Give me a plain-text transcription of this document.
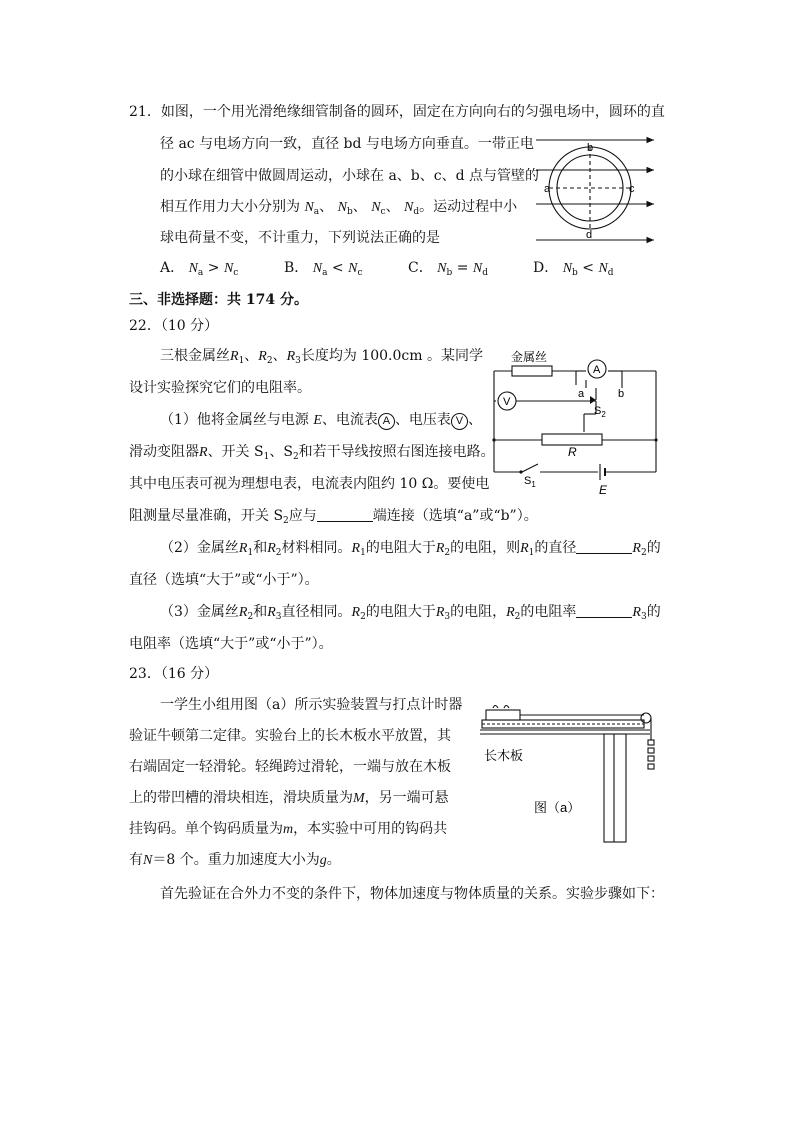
21．如图，一个用光滑绝缘细管制备的圆环，固定在方向向右的匀强电场中，圆环的直
径 ac 与电场方向一致，直径 bd 与电场方向垂直。一带正电
的小球在细管中做圆周运动，小球在 a、b、c、d 点与管壁的
相互作用力大小分别为 $N_a$、 $N_b$、 $N_c$、 $N_d$。运动过程中小
球电荷量不变，不计重力，下列说法正确的是
A． $N_a > N_c$	B． $N_a < N_c$	C． $N_b = N_d$	D． $N_b < N_d$
b
a	c
d
三、非选择题：共 174 分。
22．（10 分）
三根金属丝$R_1$、$R_2$、$R_3$长度均为 100.0cm 。某同学
设计实验探究它们的电阻率。
（1）他将金属丝与电源 E、电流表 A 、电压表 V 、
滑动变阻器R、开关 $S_1$、$S_2$和若干导线按照右图连接电路。
其中电压表可视为理想电表，电流表内阻约 10 Ω。要使电
阻测量尽量准确，开关 $S_2$应与	端连接（选填“a”或“b”）。
（2）金属丝$R_1$和$R_2$材料相同。$R_1$的电阻大于$R_2$的电阻，则$R_1$的直径	$R_2$的
直径（选填“大于”或“小于”）。
（3）金属丝$R_2$和$R_3$直径相同。$R_2$的电阻大于$R_3$的电阻，$R_2$的电阻率	$R_3$的
电阻率（选填“大于”或“小于”）。
金属丝
A
V
a	b
$S_2$
R
$S_1$	E
23．（16 分）
一学生小组用图（a）所示实验装置与打点计时器
验证牛顿第二定律。实验台上的长木板水平放置，其
右端固定一轻滑轮。轻绳跨过滑轮，一端与放在木板
上的带凹槽的滑块相连，滑块质量为M，另一端可悬
挂钩码。单个钩码质量为m，本实验中可用的钩码共
有N＝8 个。重力加速度大小为g。
首先验证在合外力不变的条件下，物体加速度与物体质量的关系。实验步骤如下：
长木板
图（a）
